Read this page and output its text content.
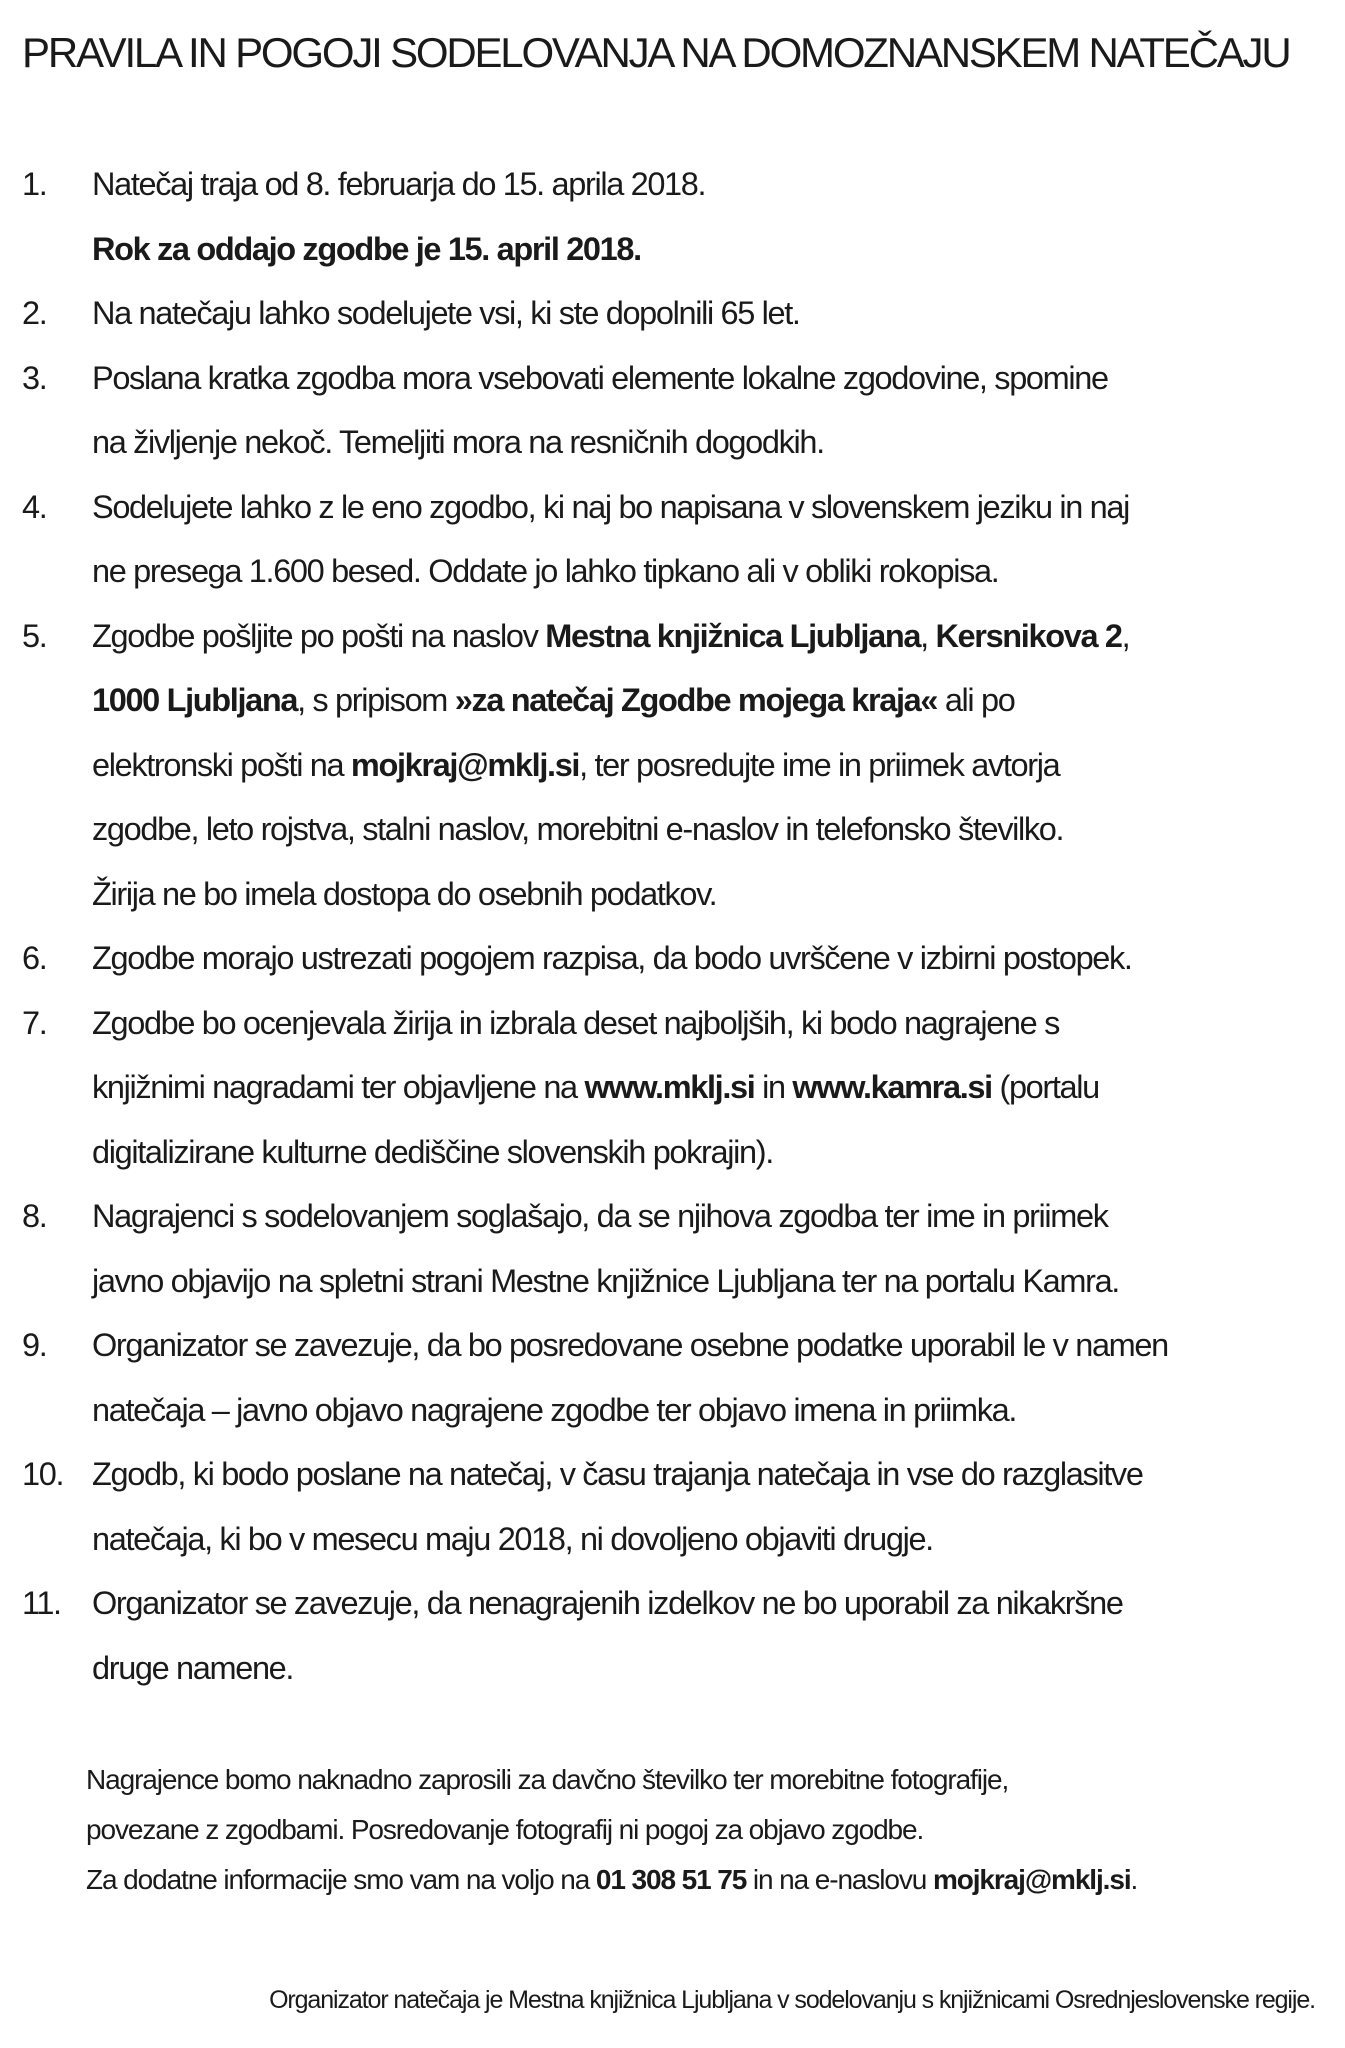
PRAVILA IN POGOJI SODELOVANJA NA DOMOZNANSKEM NATEČAJU
1. Natečaj traja od 8. februarja do 15. aprila 2018.
Rok za oddajo zgodbe je 15. april 2018.
2. Na natečaju lahko sodelujete vsi, ki ste dopolnili 65 let.
3. Poslana kratka zgodba mora vsebovati elemente lokalne zgodovine, spomine
na življenje nekoč. Temeljiti mora na resničnih dogodkih.
4. Sodelujete lahko z le eno zgodbo, ki naj bo napisana v slovenskem jeziku in naj
ne presega 1.600 besed. Oddate jo lahko tipkano ali v obliki rokopisa.
5. Zgodbe pošljite po pošti na naslov Mestna knjižnica Ljubljana, Kersnikova 2,
1000 Ljubljana, s pripisom »za natečaj Zgodbe mojega kraja« ali po
elektronski pošti na mojkraj@mklj.si, ter posredujte ime in priimek avtorja
zgodbe, leto rojstva, stalni naslov, morebitni e-naslov in telefonsko številko.
Žirija ne bo imela dostopa do osebnih podatkov.
6. Zgodbe morajo ustrezati pogojem razpisa, da bodo uvrščene v izbirni postopek.
7. Zgodbe bo ocenjevala žirija in izbrala deset najboljših, ki bodo nagrajene s
knjižnimi nagradami ter objavljene na www.mklj.si in www.kamra.si (portalu
digitalizirane kulturne dediščine slovenskih pokrajin).
8. Nagrajenci s sodelovanjem soglašajo, da se njihova zgodba ter ime in priimek
javno objavijo na spletni strani Mestne knjižnice Ljubljana ter na portalu Kamra.
9. Organizator se zavezuje, da bo posredovane osebne podatke uporabil le v namen
natečaja – javno objavo nagrajene zgodbe ter objavo imena in priimka.
10. Zgodb, ki bodo poslane na natečaj, v času trajanja natečaja in vse do razglasitve
natečaja, ki bo v mesecu maju 2018, ni dovoljeno objaviti drugje.
11. Organizator se zavezuje, da nenagrajenih izdelkov ne bo uporabil za nikakršne
druge namene.
Nagrajence bomo naknadno zaprosili za davčno številko ter morebitne fotografije,
povezane z zgodbami. Posredovanje fotografij ni pogoj za objavo zgodbe.
Za dodatne informacije smo vam na voljo na 01 308 51 75 in na e-naslovu mojkraj@mklj.si.
Organizator natečaja je Mestna knjižnica Ljubljana v sodelovanju s knjižnicami Osrednjeslovenske regije.
